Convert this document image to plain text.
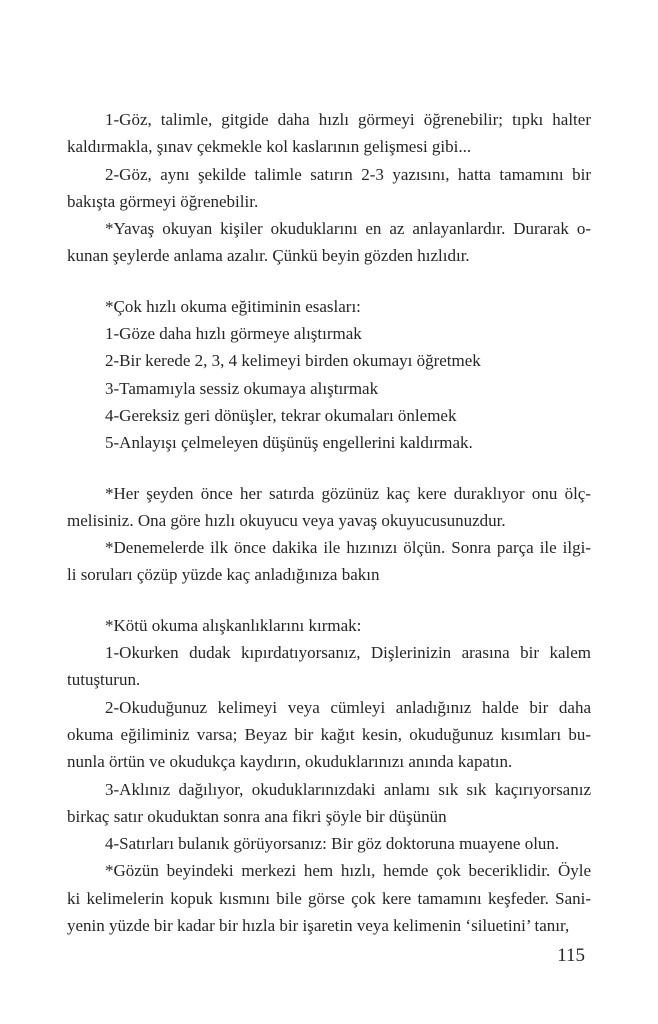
1-Göz, talimle, gitgide daha hızlı görmeyi öğrenebilir; tıpkı halter
kaldırmakla, şınav çekmekle kol kaslarının gelişmesi gibi...
2-Göz, aynı şekilde talimle satırın 2-3 yazısını, hatta tamamını bir
bakışta görmeyi öğrenebilir.
*Yavaş okuyan kişiler okuduklarını en az anlayanlardır. Durarak o-
kunan şeylerde anlama azalır. Çünkü beyin gözden hızlıdır.
*Çok hızlı okuma eğitiminin esasları:
1-Göze daha hızlı görmeye alıştırmak
2-Bir kerede 2, 3, 4 kelimeyi birden okumayı öğretmek
3-Tamamıyla sessiz okumaya alıştırmak
4-Gereksiz geri dönüşler, tekrar okumaları önlemek
5-Anlayışı çelmeleyen düşünüş engellerini kaldırmak.
*Her şeyden önce her satırda gözünüz kaç kere duraklıyor onu ölç-
melisiniz. Ona göre hızlı okuyucu veya yavaş okuyucusunuzdur.
*Denemelerde ilk önce dakika ile hızınızı ölçün. Sonra parça ile ilgi-
li soruları çözüp yüzde kaç anladığınıza bakın
*Kötü okuma alışkanlıklarını kırmak:
1-Okurken dudak kıpırdatıyorsanız, Dişlerinizin arasına bir kalem
tutuşturun.
2-Okuduğunuz kelimeyi veya cümleyi anladığınız halde bir daha
okuma eğiliminiz varsa; Beyaz bir kağıt kesin, okuduğunuz kısımları bu-
nunla örtün ve okudukça kaydırın, okuduklarınızı anında kapatın.
3-Aklınız dağılıyor, okuduklarınızdaki anlamı sık sık kaçırıyorsanız
birkaç satır okuduktan sonra ana fikri şöyle bir düşünün
4-Satırları bulanık görüyorsanız: Bir göz doktoruna muayene olun.
*Gözün beyindeki merkezi hem hızlı, hemde çok beceriklidir. Öyle
ki kelimelerin kopuk kısmını bile görse çok kere tamamını keşfeder. Sani-
yenin yüzde bir kadar bir hızla bir işaretin veya kelimenin ‘siluetini’ tanır,
115
